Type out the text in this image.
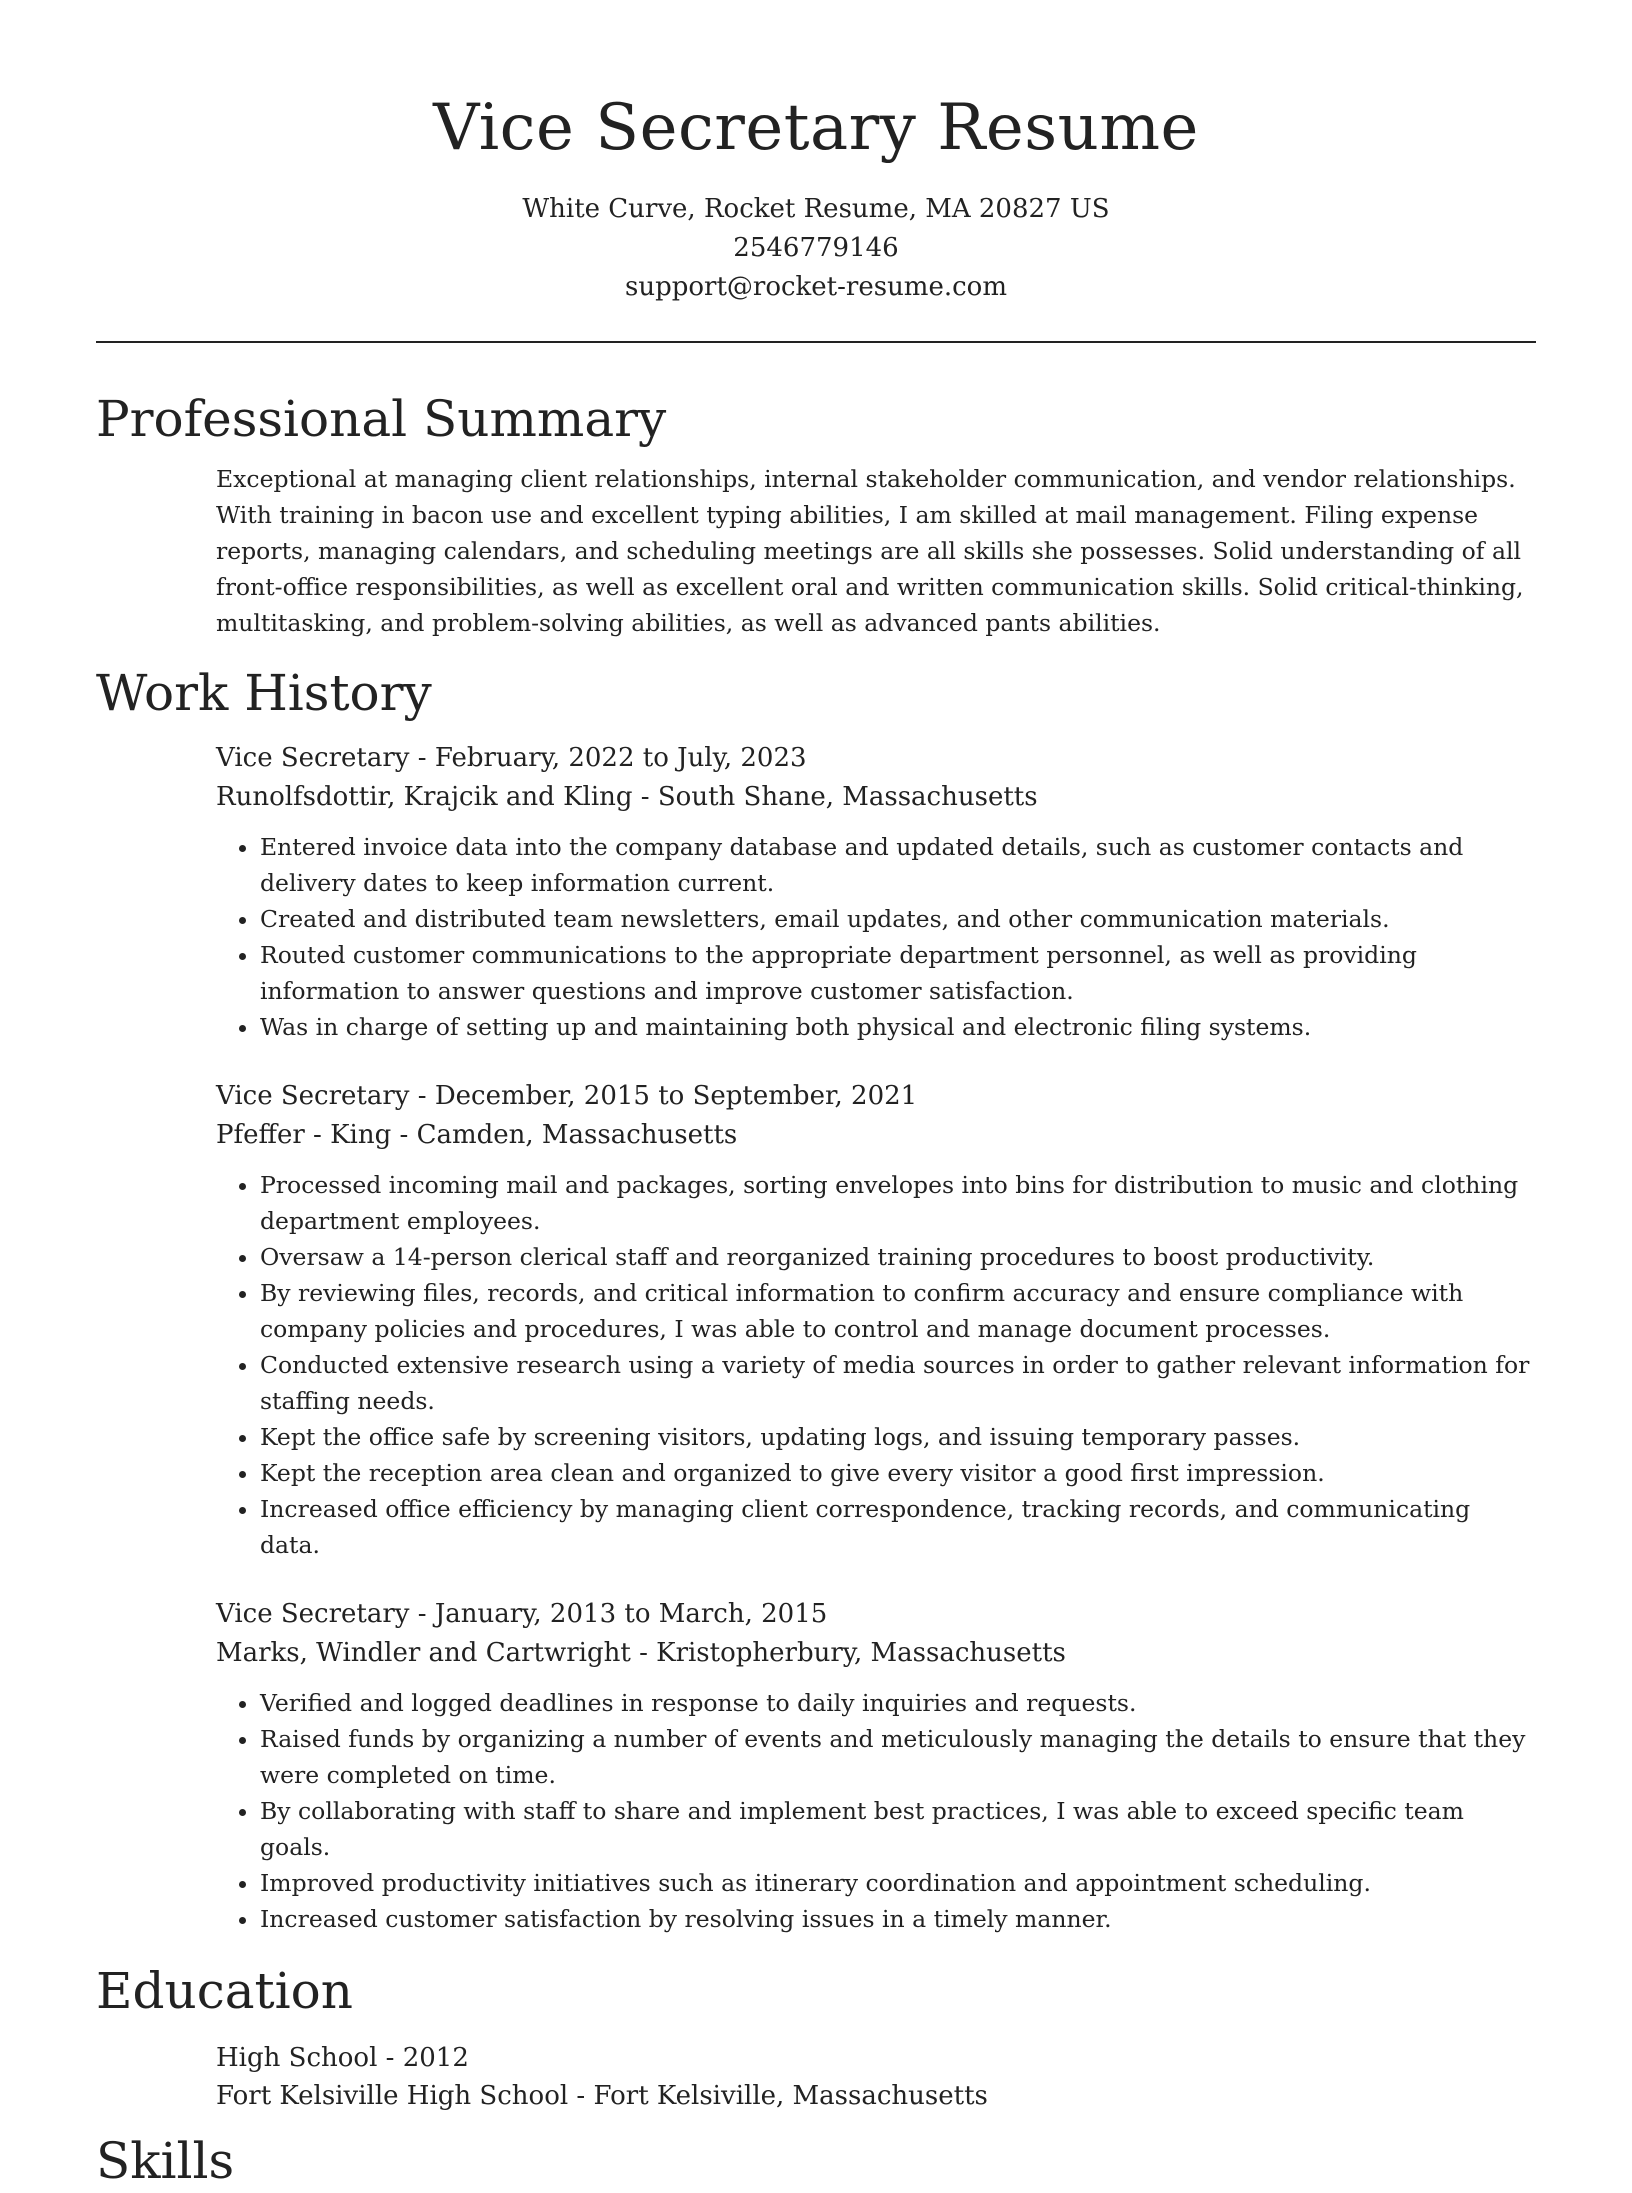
Vice Secretary Resume
White Curve, Rocket Resume, MA 20827 US
2546779146
support@rocket-resume.com
Professional Summary

Exceptional at managing client relationships, internal stakeholder communication, and vendor relationships. With training in bacon use and excellent typing abilities, I am skilled at mail management. Filing expense reports, managing calendars, and scheduling meetings are all skills she possesses. Solid understanding of all front-office responsibilities, as well as excellent oral and written communication skills. Solid critical-thinking, multitasking, and problem-solving abilities, as well as advanced pants abilities.

Work History
Vice Secretary - February, 2022 to July, 2023
Runolfsdottir, Krajcik and Kling - South Shane, Massachusetts
• Entered invoice data into the company database and updated details, such as customer contacts and delivery dates to keep information current.
• Created and distributed team newsletters, email updates, and other communication materials.
• Routed customer communications to the appropriate department personnel, as well as providing information to answer questions and improve customer satisfaction.
• Was in charge of setting up and maintaining both physical and electronic filing systems.
Vice Secretary - December, 2015 to September, 2021
Pfeffer - King - Camden, Massachusetts
• Processed incoming mail and packages, sorting envelopes into bins for distribution to music and clothing department employees.
• Oversaw a 14-person clerical staff and reorganized training procedures to boost productivity.
• By reviewing files, records, and critical information to confirm accuracy and ensure compliance with company policies and procedures, I was able to control and manage document processes.
• Conducted extensive research using a variety of media sources in order to gather relevant information for staffing needs.
• Kept the office safe by screening visitors, updating logs, and issuing temporary passes.
• Kept the reception area clean and organized to give every visitor a good first impression.
• Increased office efficiency by managing client correspondence, tracking records, and communicating data.
Vice Secretary - January, 2013 to March, 2015
Marks, Windler and Cartwright - Kristopherbury, Massachusetts
• Verified and logged deadlines in response to daily inquiries and requests.
• Raised funds by organizing a number of events and meticulously managing the details to ensure that they were completed on time.
• By collaborating with staff to share and implement best practices, I was able to exceed specific team goals.
• Improved productivity initiatives such as itinerary coordination and appointment scheduling.
• Increased customer satisfaction by resolving issues in a timely manner.
Education
High School - 2012
Fort Kelsiville High School - Fort Kelsiville, Massachusetts
Skills
